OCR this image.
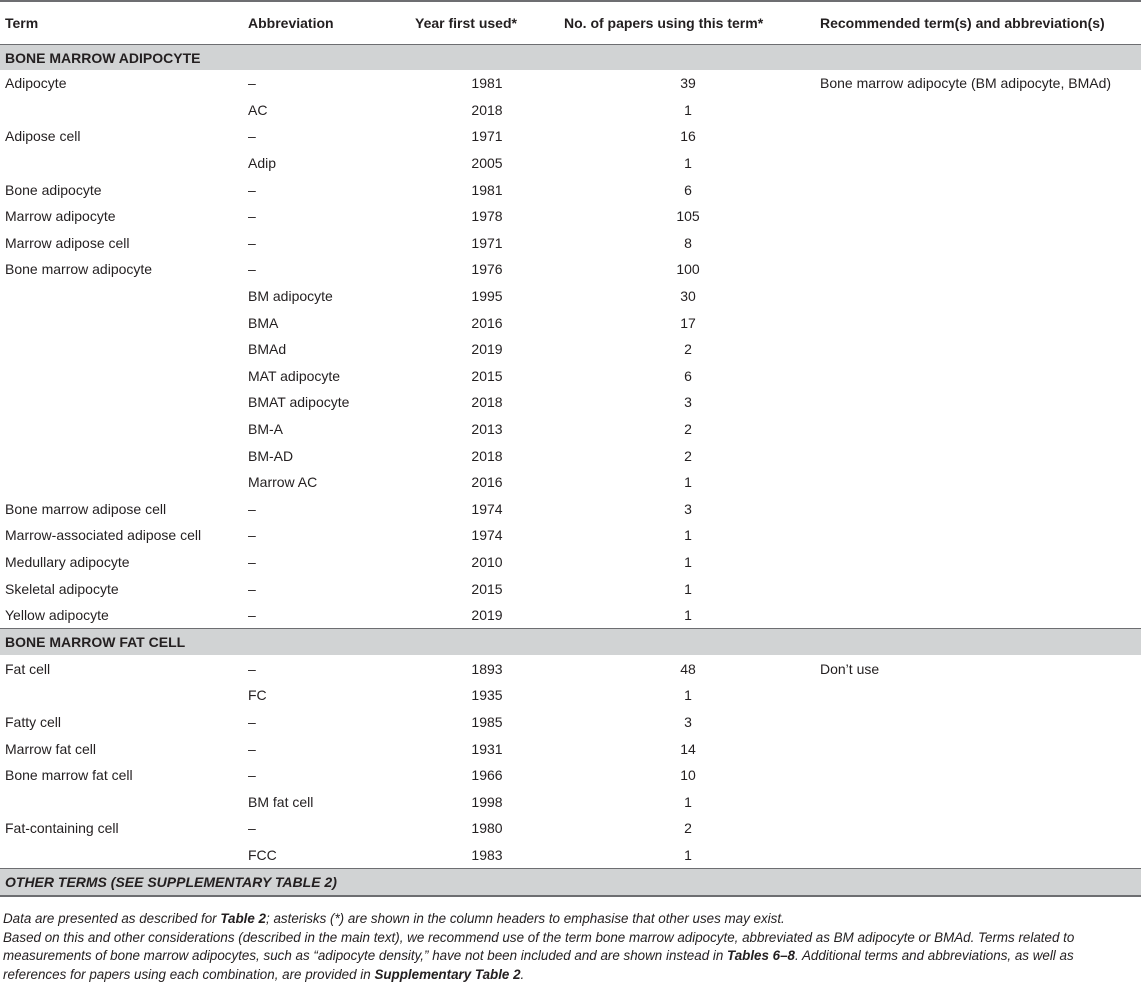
Term	Abbreviation	Year first used*	No. of papers using this term*	Recommended term(s) and abbreviation(s)
BONE MARROW ADIPOCYTE				
Adipocyte	–	1981	39	Bone marrow adipocyte (BM adipocyte, BMAd)
	AC	2018	1	
Adipose cell	–	1971	16	
	Adip	2005	1	
Bone adipocyte	–	1981	6	
Marrow adipocyte	–	1978	105	
Marrow adipose cell	–	1971	8	
Bone marrow adipocyte	–	1976	100	
	BM adipocyte	1995	30	
	BMA	2016	17	
	BMAd	2019	2	
	MAT adipocyte	2015	6	
	BMAT adipocyte	2018	3	
	BM-A	2013	2	
	BM-AD	2018	2	
	Marrow AC	2016	1	
Bone marrow adipose cell	–	1974	3	
Marrow-associated adipose cell	–	1974	1	
Medullary adipocyte	–	2010	1	
Skeletal adipocyte	–	2015	1	
Yellow adipocyte	–	2019	1	
BONE MARROW FAT CELL				
Fat cell	–	1893	48	Don’t use
	FC	1935	1	
Fatty cell	–	1985	3	
Marrow fat cell	–	1931	14	
Bone marrow fat cell	–	1966	10	
	BM fat cell	1998	1	
Fat-containing cell	–	1980	2	
	FCC	1983	1	
OTHER TERMS (SEE SUPPLEMENTARY TABLE 2)				

Data are presented as described for Table 2; asterisks (*) are shown in the column headers to emphasise that other uses may exist.

Based on this and other considerations (described in the main text), we recommend use of the term bone marrow adipocyte, abbreviated as BM adipocyte or BMAd. Terms related to measurements of bone marrow adipocytes, such as “adipocyte density,” have not been included and are shown instead in Tables 6–8. Additional terms and abbreviations, as well as references for papers using each combination, are provided in Supplementary Table 2.
